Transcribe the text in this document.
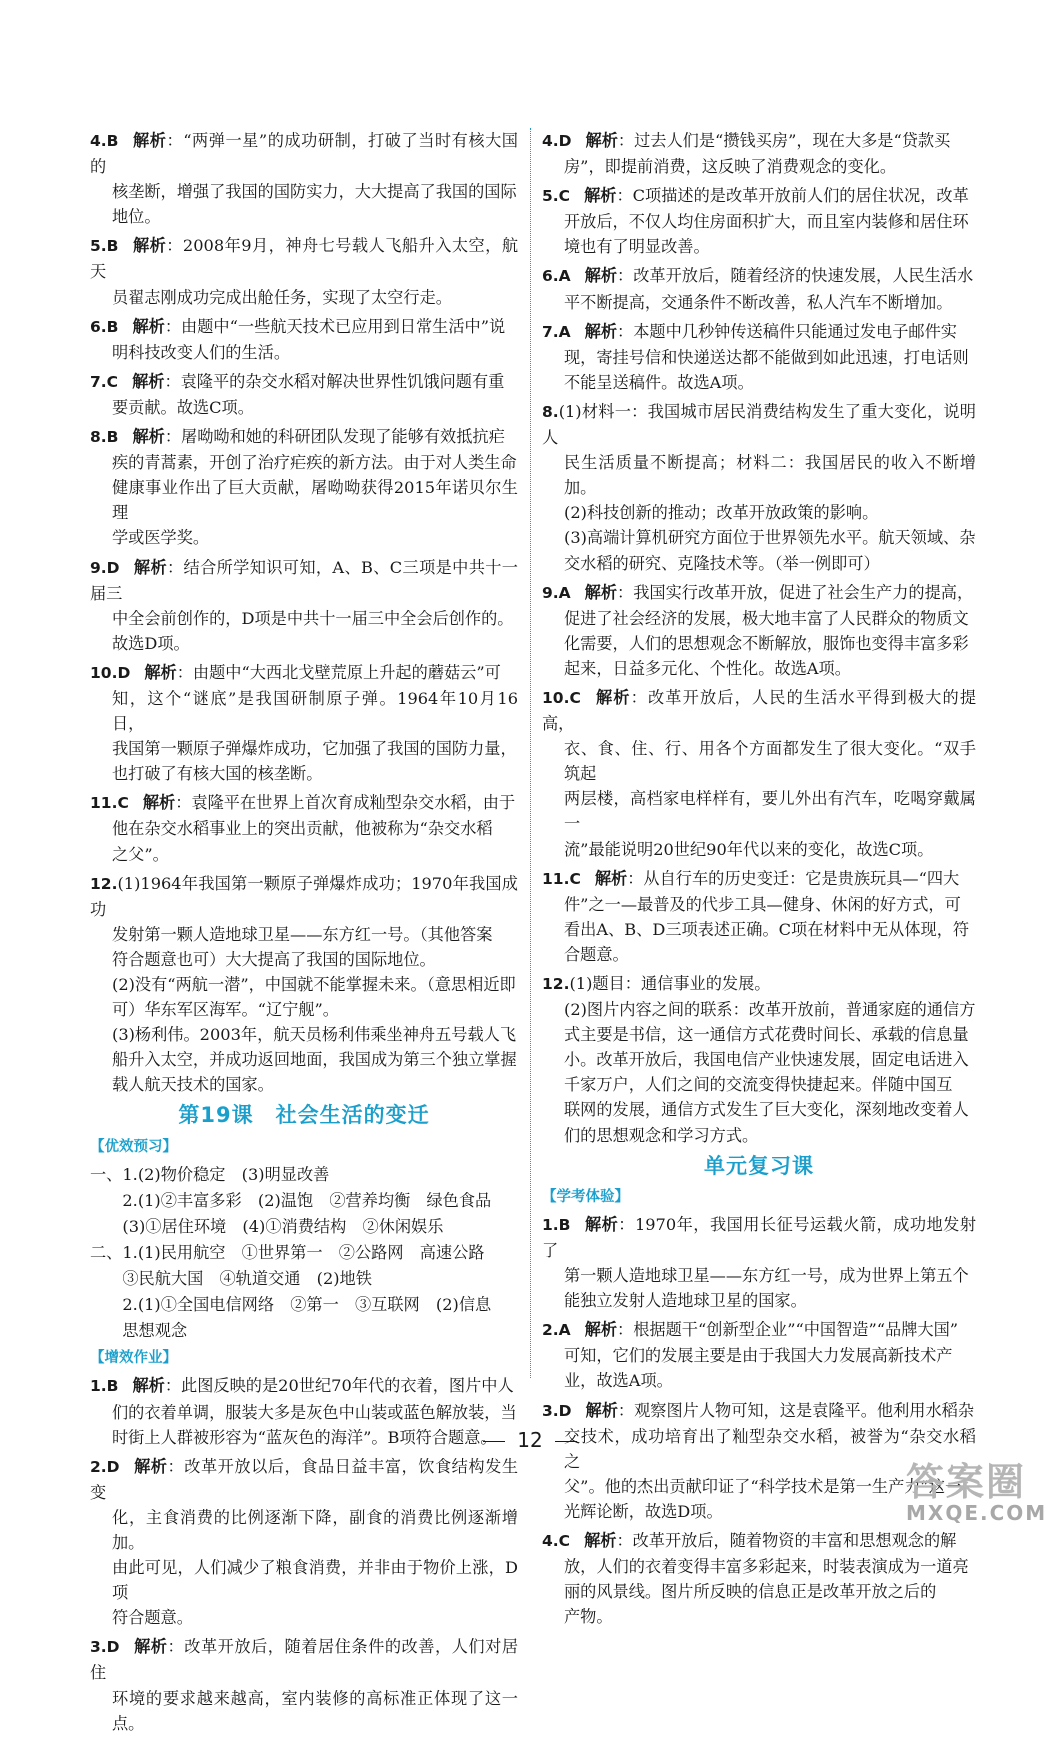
4.B 解析：“两弹一星”的成功研制，打破了当时有核大国的
核垄断，增强了我国的国防实力，大大提高了我国的国际
地位。
5.B 解析：2008年9月，神舟七号载人飞船升入太空，航天
员翟志刚成功完成出舱任务，实现了太空行走。
6.B 解析：由题中“一些航天技术已应用到日常生活中”说
明科技改变人们的生活。
7.C 解析：袁隆平的杂交水稻对解决世界性饥饿问题有重
要贡献。故选C项。
8.B 解析：屠呦呦和她的科研团队发现了能够有效抵抗疟
疾的青蒿素，开创了治疗疟疾的新方法。由于对人类生命
健康事业作出了巨大贡献，屠呦呦获得2015年诺贝尔生理
学或医学奖。
9.D 解析：结合所学知识可知，A、B、C三项是中共十一届三
中全会前创作的，D项是中共十一届三中全会后创作的。
故选D项。
10.D 解析：由题中“大西北戈壁荒原上升起的蘑菇云”可
知，这个“谜底”是我国研制原子弹。1964年10月16日，
我国第一颗原子弹爆炸成功，它加强了我国的国防力量，
也打破了有核大国的核垄断。
11.C 解析：袁隆平在世界上首次育成籼型杂交水稻，由于
他在杂交水稻事业上的突出贡献，他被称为“杂交水稻
之父”。
12.(1)1964年我国第一颗原子弹爆炸成功；1970年我国成功
发射第一颗人造地球卫星——东方红一号。（其他答案
符合题意也可）大大提高了我国的国际地位。
(2)没有“两航一潜”，中国就不能掌握未来。（意思相近即
可）华东军区海军。“辽宁舰”。
(3)杨利伟。2003年，航天员杨利伟乘坐神舟五号载人飞
船升入太空，并成功返回地面，我国成为第三个独立掌握
载人航天技术的国家。
第19课 社会生活的变迁
【优效预习】
一、1.(2)物价稳定　(3)明显改善
　　2.(1)②丰富多彩　(2)温饱　②营养均衡　绿色食品
　　(3)①居住环境　(4)①消费结构　②休闲娱乐
二、1.(1)民用航空　①世界第一　②公路网　高速公路
　　③民航大国　④轨道交通　(2)地铁
　　2.(1)①全国电信网络　②第一　③互联网　(2)信息
　　思想观念
【增效作业】
1.B 解析：此图反映的是20世纪70年代的衣着，图片中人
们的衣着单调，服装大多是灰色中山装或蓝色解放装，当
时街上人群被形容为“蓝灰色的海洋”。B项符合题意。
2.D 解析：改革开放以后，食品日益丰富，饮食结构发生变
化，主食消费的比例逐渐下降，副食的消费比例逐渐增加。
由此可见，人们减少了粮食消费，并非由于物价上涨，D项
符合题意。
3.D 解析：改革开放后，随着居住条件的改善，人们对居住
环境的要求越来越高，室内装修的高标准正体现了这一点。
4.D 解析：过去人们是“攒钱买房”，现在大多是“贷款买
房”，即提前消费，这反映了消费观念的变化。
5.C 解析：C项描述的是改革开放前人们的居住状况，改革
开放后，不仅人均住房面积扩大，而且室内装修和居住环
境也有了明显改善。
6.A 解析：改革开放后，随着经济的快速发展，人民生活水
平不断提高，交通条件不断改善，私人汽车不断增加。
7.A 解析：本题中几秒钟传送稿件只能通过发电子邮件实
现，寄挂号信和快递送达都不能做到如此迅速，打电话则
不能呈送稿件。故选A项。
8.(1)材料一：我国城市居民消费结构发生了重大变化，说明人
民生活质量不断提高；材料二：我国居民的收入不断增加。
(2)科技创新的推动；改革开放政策的影响。
(3)高端计算机研究方面位于世界领先水平。航天领域、杂
交水稻的研究、克隆技术等。（举一例即可）
9.A 解析：我国实行改革开放，促进了社会生产力的提高，
促进了社会经济的发展，极大地丰富了人民群众的物质文
化需要，人们的思想观念不断解放，服饰也变得丰富多彩
起来，日益多元化、个性化。故选A项。
10.C 解析：改革开放后，人民的生活水平得到极大的提高，
衣、食、住、行、用各个方面都发生了很大变化。“双手筑起
两层楼，高档家电样样有，要儿外出有汽车，吃喝穿戴属一
流”最能说明20世纪90年代以来的变化，故选C项。
11.C 解析：从自行车的历史变迁：它是贵族玩具—“四大
件”之一—最普及的代步工具—健身、休闲的好方式，可
看出A、B、D三项表述正确。C项在材料中无从体现，符
合题意。
12.(1)题目：通信事业的发展。
(2)图片内容之间的联系：改革开放前，普通家庭的通信方
式主要是书信，这一通信方式花费时间长、承载的信息量
小。改革开放后，我国电信产业快速发展，固定电话进入
千家万户，人们之间的交流变得快捷起来。伴随中国互
联网的发展，通信方式发生了巨大变化，深刻地改变着人
们的思想观念和学习方式。
单元复习课
【学考体验】
1.B 解析：1970年，我国用长征号运载火箭，成功地发射了
第一颗人造地球卫星——东方红一号，成为世界上第五个
能独立发射人造地球卫星的国家。
2.A 解析：根据题干“创新型企业”“中国智造”“品牌大国”
可知，它们的发展主要是由于我国大力发展高新技术产
业，故选A项。
3.D 解析：观察图片人物可知，这是袁隆平。他利用水稻杂
交技术，成功培育出了籼型杂交水稻，被誉为“杂交水稻之
父”。他的杰出贡献印证了“科学技术是第一生产力”这一
光辉论断，故选D项。
4.C 解析：改革开放后，随着物资的丰富和思想观念的解
放，人们的衣着变得丰富多彩起来，时装表演成为一道亮
丽的风景线。图片所反映的信息正是改革开放之后的
产物。
12
答案圈
MXQE.COM
